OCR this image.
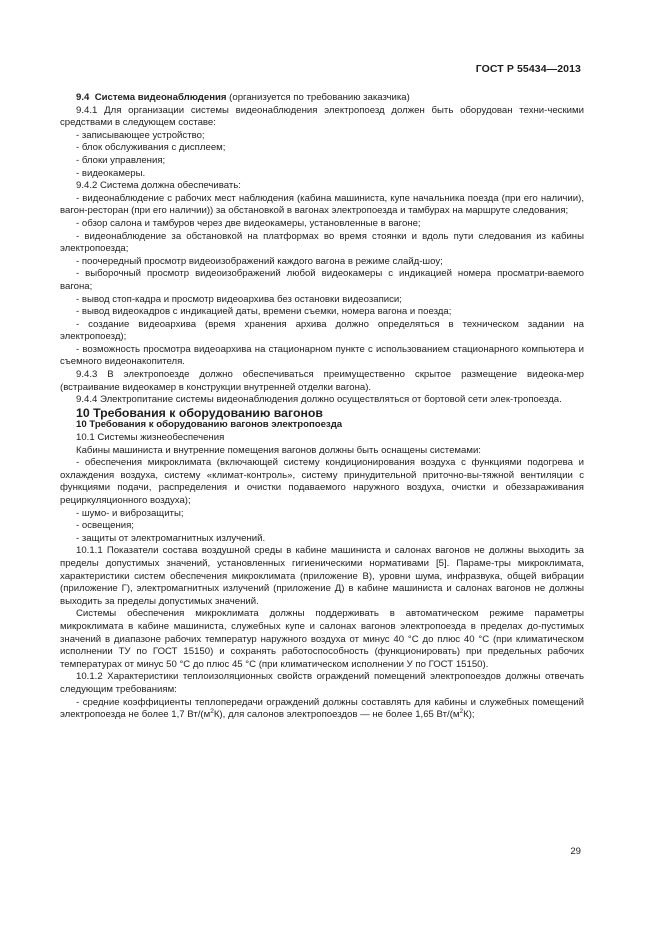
ГОСТ Р 55434—2013

9.4 Система видеонаблюдения (организуется по требованию заказчика)

9.4.1 Для организации системы видеонаблюдения электропоезд должен быть оборудован техни-ческими средствами в следующем составе:

- записывающее устройство;

- блок обслуживания с дисплеем;

- блоки управления;

- видеокамеры.

9.4.2 Система должна обеспечивать:

- видеонаблюдение с рабочих мест наблюдения (кабина машиниста, купе начальника поезда (при его наличии), вагон-ресторан (при его наличии)) за обстановкой в вагонах электропоезда и тамбурах на маршруте следования;

- обзор салона и тамбуров через две видеокамеры, установленные в вагоне;

- видеонаблюдение за обстановкой на платформах во время стоянки и вдоль пути следования из кабины электропоезда;

- поочередный просмотр видеоизображений каждого вагона в режиме слайд-шоу;

- выборочный просмотр видеоизображений любой видеокамеры с индикацией номера просматри-ваемого вагона;

- вывод стоп-кадра и просмотр видеоархива без остановки видеозаписи;

- вывод видеокадров с индикацией даты, времени съемки, номера вагона и поезда;

- создание видеоархива (время хранения архива должно определяться в техническом задании на электропоезд);

- возможность просмотра видеоархива на стационарном пункте с использованием стационарного компьютера и съемного видеонакопителя.

9.4.3 В электропоезде должно обеспечиваться преимущественно скрытое размещение видеока-мер (встраивание видеокамер в конструкции внутренней отделки вагона).

9.4.4 Электропитание системы видеонаблюдения должно осуществляться от бортовой сети элек-тропоезда.

10 Требования к оборудованию вагонов

10 Требования к оборудованию вагонов электропоезда

10.1 Системы жизнеобеспечения

Кабины машиниста и внутренние помещения вагонов должны быть оснащены системами:

- обеспечения микроклимата (включающей систему кондиционирования воздуха с функциями подогрева и охлаждения воздуха, систему «климат-контроль», систему принудительной приточно-вы-тяжной вентиляции с функциями подачи, распределения и очистки подаваемого наружного воздуха, очистки и обеззараживания рециркуляционного воздуха);

- шумо- и виброзащиты;

- освещения;

- защиты от электромагнитных излучений.

10.1.1 Показатели состава воздушной среды в кабине машиниста и салонах вагонов не должны выходить за пределы допустимых значений, установленных гигиеническими нормативами [5]. Параме-тры микроклимата, характеристики систем обеспечения микроклимата (приложение В), уровни шума, инфразвука, общей вибрации (приложение Г), электромагнитных излучений (приложение Д) в кабине машиниста и салонах вагонов не должны выходить за пределы допустимых значений.

Системы обеспечения микроклимата должны поддерживать в автоматическом режиме параметры микроклимата в кабине машиниста, служебных купе и салонах вагонов электропоезда в пределах до-пустимых значений в диапазоне рабочих температур наружного воздуха от минус 40 °С до плюс 40 °С (при климатическом исполнении ТУ по ГОСТ 15150) и сохранять работоспособность (функционировать) при предельных рабочих температурах от минус 50 °С до плюс 45 °С (при климатическом исполнении У по ГОСТ 15150).

10.1.2 Характеристики теплоизоляционных свойств ограждений помещений электропоездов должны отвечать следующим требованиям:

- средние коэффициенты теплопередачи ограждений должны составлять для кабины и служебных помещений электропоезда не более 1,7 $Вт/(м^2К)$, для салонов электропоездов — не более 1,65 $Вт/(м^2К)$;

29
